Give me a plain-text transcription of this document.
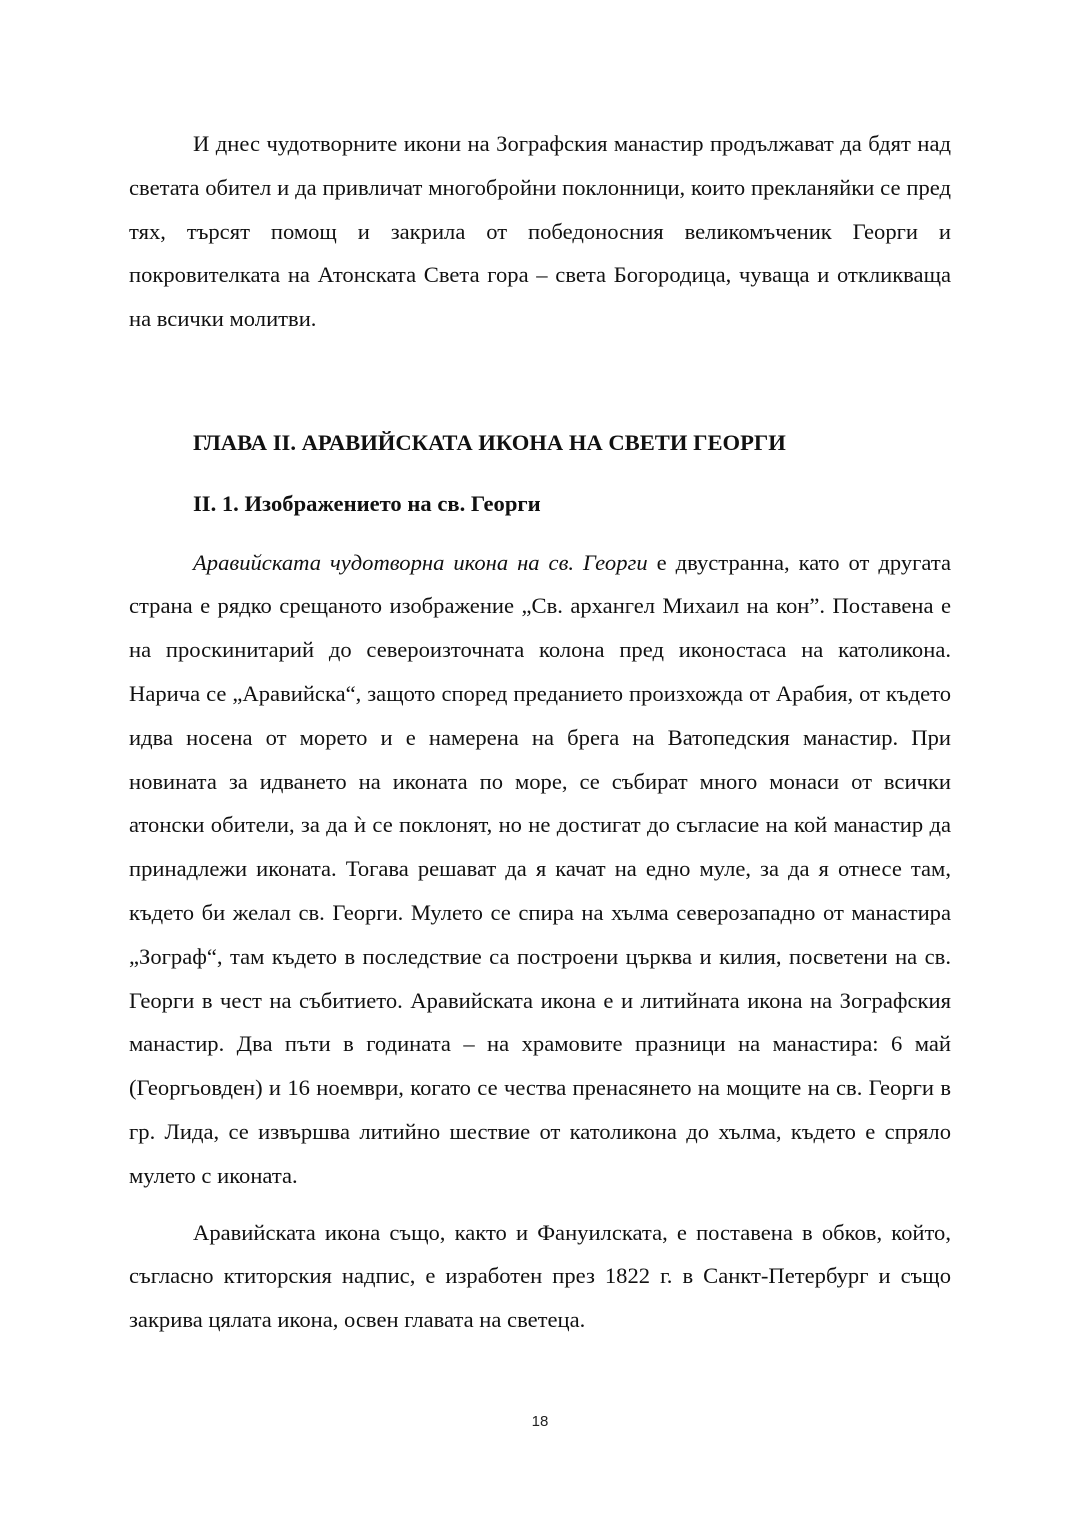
И днес чудотворните икони на Зографския манастир продължават да бдят над светата обител и да привличат многобройни поклонници, които прекланяйки се пред тях, търсят помощ и закрила от победоносния великомъченик Георги и покровителката на Атонската Света гора – света Богородица, чуваща и откликваща на всички молитви.

ГЛАВА II. АРАВИЙСКАТА ИКОНА НА СВЕТИ ГЕОРГИ
II. 1. Изображението на св. Георги

Аравийската чудотворна икона на св. Георги е двустранна, като от другата страна е рядко срещаното изображение „Св. архангел Михаил на кон”. Поставена е на проскинитарий до североизточната колона пред иконостаса на католикона. Нарича се „Аравийска“, защото според преданието произхожда от Арабия, от където идва носена от морето и е намерена на брега на Ватопедския манастир. При новината за идването на иконата по море, се събират много монаси от всички атонски обители, за да ѝ се поклонят, но не достигат до съгласие на кой манастир да принадлежи иконата. Тогава решават да я качат на едно муле, за да я отнесе там, където би желал св. Георги. Мулето се спира на хълма северозападно от манастира „Зограф“, там където в последствие са построени църква и килия, посветени на св. Георги в чест на събитието. Аравийската икона е и литийната икона на Зографския манастир. Два пъти в годината – на храмовите празници на манастира: 6 май (Георгьовден) и 16 ноември, когато се чества пренасянето на мощите на св. Георги в гр. Лида, се извършва литийно шествие от католикона до хълма, където е спряло мулето с иконата.

Аравийската икона също, както и Фануилската, е поставена в обков, който, съгласно ктиторския надпис, е изработен през 1822 г. в Санкт-Петербург и също закрива цялата икона, освен главата на светеца.

18
